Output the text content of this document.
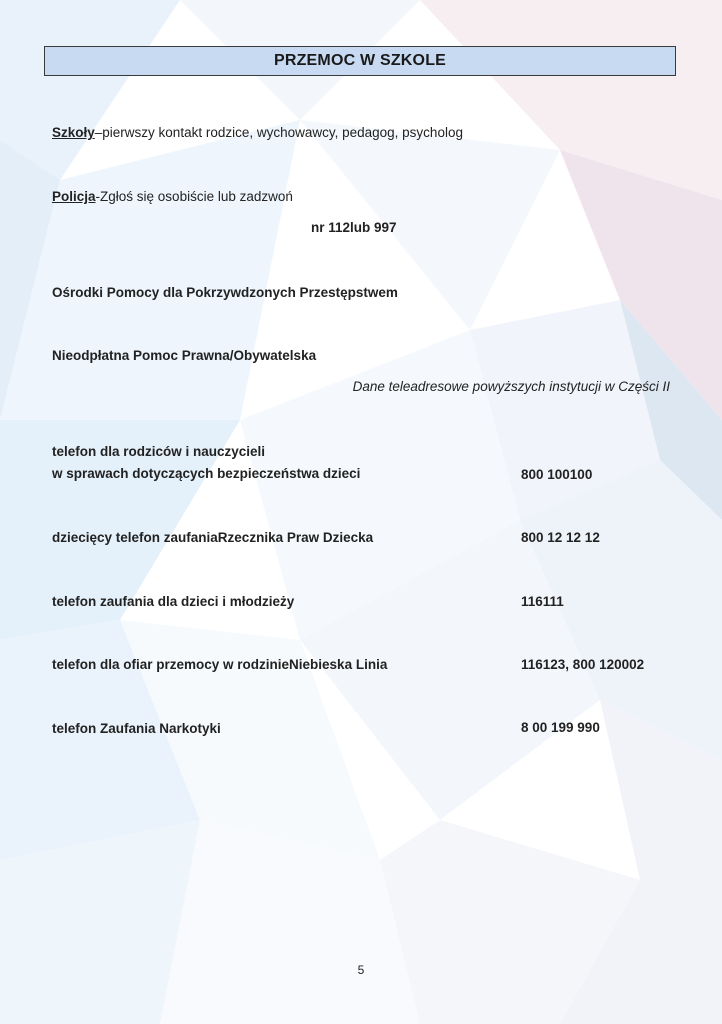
PRZEMOC W SZKOLE
Szkoły–pierwszy kontakt rodzice, wychowawcy, pedagog, psycholog
Policja-Zgłoś się osobiście lub zadzwoń
nr 112lub 997
Ośrodki Pomocy dla Pokrzywdzonych Przestępstwem
Nieodpłatna Pomoc Prawna/Obywatelska
Dane teleadresowe powyższych instytucji w Części II
telefon dla rodziców i nauczycieli
w sprawach dotyczących bezpieczeństwa dzieci	800 100100
dziecięcy telefon zaufaniaRzecznika Praw Dziecka	800 12 12 12
telefon zaufania dla dzieci i młodzieży	116111
telefon dla ofiar przemocy w rodzinieNiebieska Linia	116123, 800 120002
telefon Zaufania Narkotyki	8 00 199 990
5
